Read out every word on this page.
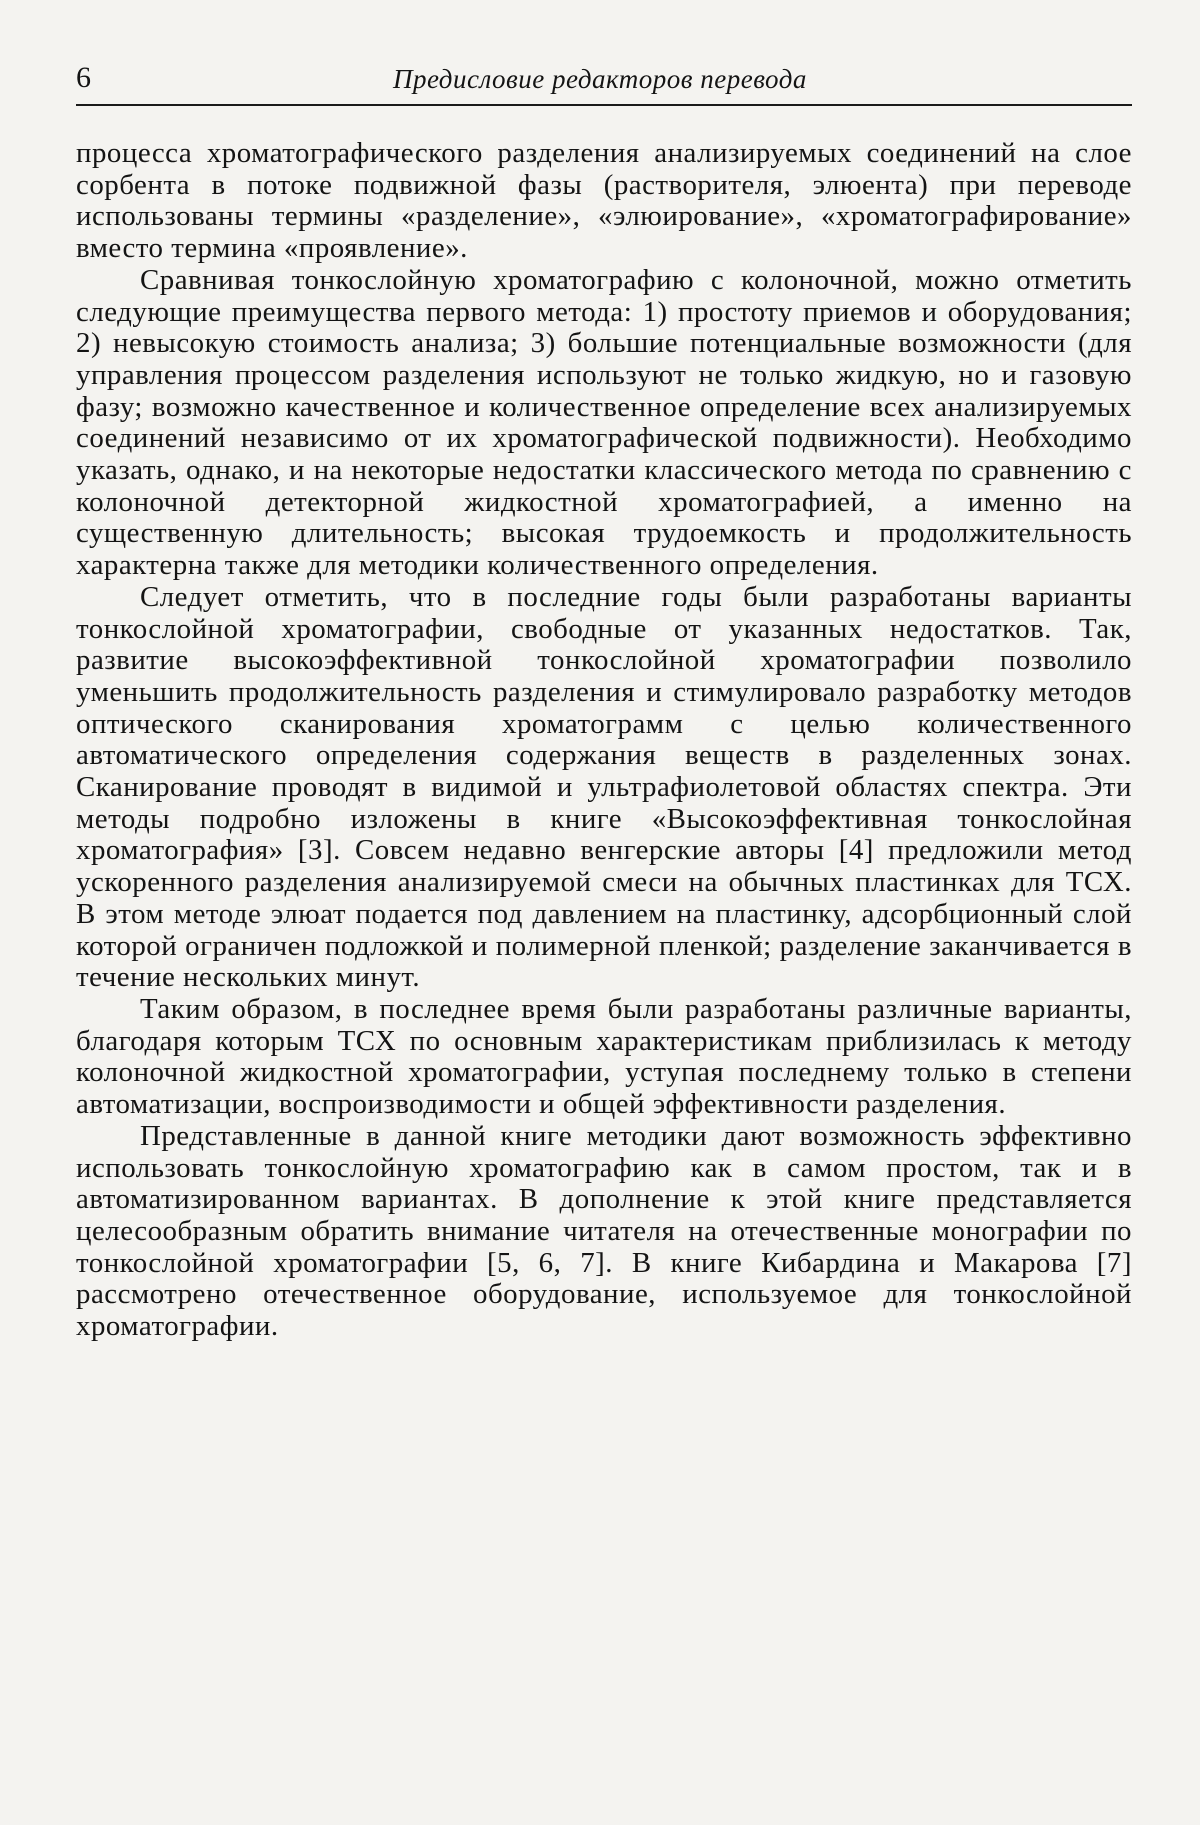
6	Предисловие редакторов перевода

процесса хроматографического разделения анализируемых соединений на слое сорбента в потоке подвижной фазы (растворителя, элюента) при переводе использованы термины «разделение», «элюирование», «хроматографирование» вместо термина «проявление».

Сравнивая тонкослойную хроматографию с колоночной, можно отметить следующие преимущества первого метода: 1) простоту приемов и оборудования; 2) невысокую стоимость анализа; 3) большие потенциальные возможности (для управления процессом разделения используют не только жидкую, но и газовую фазу; возможно качественное и количественное определение всех анализируемых соединений независимо от их хроматографической подвижности). Необходимо указать, однако, и на некоторые недостатки классического метода по сравнению с колоночной детекторной жидкостной хроматографией, а именно на существенную длительность; высокая трудоемкость и продолжительность характерна также для методики количественного определения.

Следует отметить, что в последние годы были разработаны варианты тонкослойной хроматографии, свободные от указанных недостатков. Так, развитие высокоэффективной тонкослойной хроматографии позволило уменьшить продолжительность разделения и стимулировало разработку методов оптического сканирования хроматограмм с целью количественного автоматического определения содержания веществ в разделенных зонах. Сканирование проводят в видимой и ультрафиолетовой областях спектра. Эти методы подробно изложены в книге «Высокоэффективная тонкослойная хроматография» [3]. Совсем недавно венгерские авторы [4] предложили метод ускоренного разделения анализируемой смеси на обычных пластинках для ТСХ. В этом методе элюат подается под давлением на пластинку, адсорбционный слой которой ограничен подложкой и полимерной пленкой; разделение заканчивается в течение нескольких минут.

Таким образом, в последнее время были разработаны различные варианты, благодаря которым ТСХ по основным характеристикам приблизилась к методу колоночной жидкостной хроматографии, уступая последнему только в степени автоматизации, воспроизводимости и общей эффективности разделения.

Представленные в данной книге методики дают возможность эффективно использовать тонкослойную хроматографию как в самом простом, так и в автоматизированном вариантах. В дополнение к этой книге представляется целесообразным обратить внимание читателя на отечественные монографии по тонкослойной хроматографии [5, 6, 7]. В книге Кибардина и Макарова [7] рассмотрено отечественное оборудование, используемое для тонкослойной хроматографии.
